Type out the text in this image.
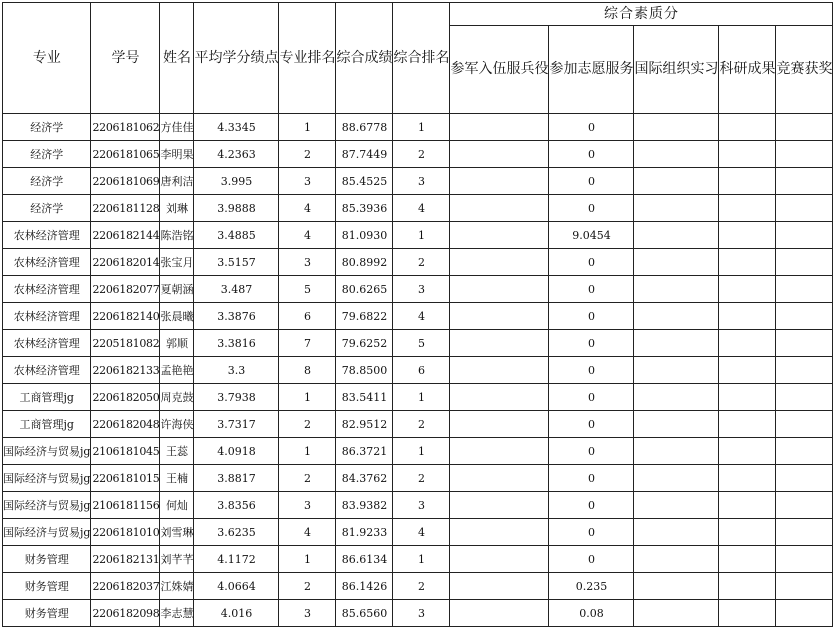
专业	学号	姓名	平均学分绩点	专业排名	综合成绩	综合排名	综合素质分				
							参军入伍服兵役	参加志愿服务	国际组织实习	科研成果	竞赛获奖
经济学	2206181062	方佳佳	4.3345	1	88.6778	1		0			
经济学	2206181065	李明果	4.2363	2	87.7449	2		0			
经济学	2206181069	唐利洁	3.995	3	85.4525	3		0			
经济学	2206181128	刘琳	3.9888	4	85.3936	4		0			
农林经济管理	2206182144	陈浩铭	3.4885	4	81.0930	1		9.0454			
农林经济管理	2206182014	张宝月	3.5157	3	80.8992	2		0			
农林经济管理	2206182077	夏朝涵	3.487	5	80.6265	3		0			
农林经济管理	2206182140	张晨曦	3.3876	6	79.6822	4		0			
农林经济管理	2205181082	郭顺	3.3816	7	79.6252	5		0			
农林经济管理	2206182133	孟艳艳	3.3	8	78.8500	6		0			
工商管理jg	2206182050	周克鼓	3.7938	1	83.5411	1		0			
工商管理jg	2206182048	许海侠	3.7317	2	82.9512	2		0			
国际经济与贸易jg	2106181045	王蕊	4.0918	1	86.3721	1		0			
国际经济与贸易jg	2206181015	王楠	3.8817	2	84.3762	2		0			
国际经济与贸易jg	2106181156	何灿	3.8356	3	83.9382	3		0			
国际经济与贸易jg	2206181010	刘雪琳	3.6235	4	81.9233	4		0			
财务管理	2206182131	刘芊芊	4.1172	1	86.6134	1		0			
财务管理	2206182037	江姝婧	4.0664	2	86.1426	2		0.235			
财务管理	2206182098	李志慧	4.016	3	85.6560	3		0.08			
